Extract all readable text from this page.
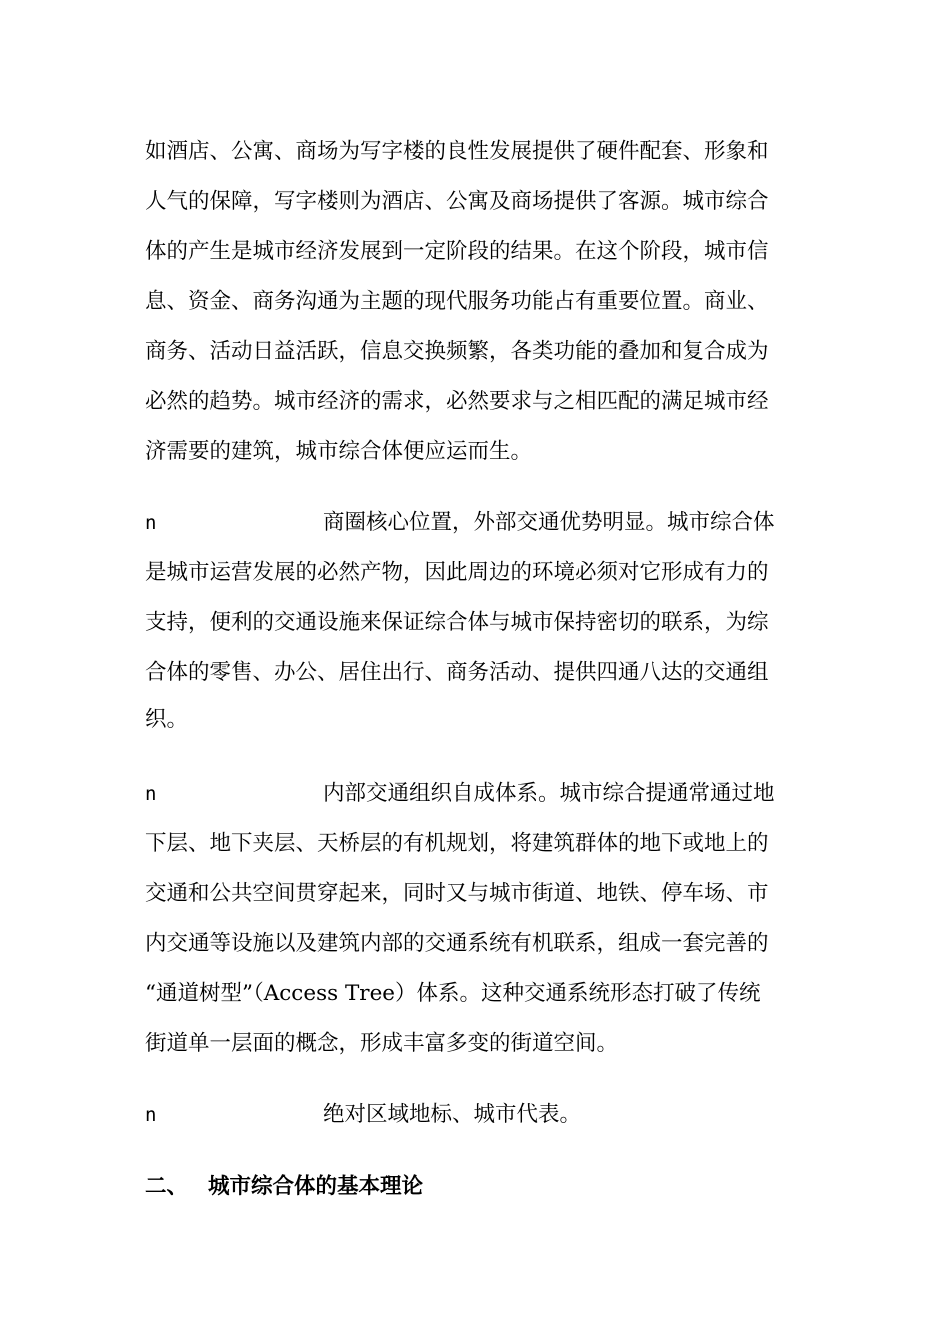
如酒店、公寓、商场为写字楼的良性发展提供了硬件配套、形象和

人气的保障，写字楼则为酒店、公寓及商场提供了客源。城市综合

体的产生是城市经济发展到一定阶段的结果。在这个阶段，城市信

息、资金、商务沟通为主题的现代服务功能占有重要位置。商业、

商务、活动日益活跃，信息交换频繁，各类功能的叠加和复合成为

必然的趋势。城市经济的需求，必然要求与之相匹配的满足城市经

济需要的建筑，城市综合体便应运而生。

n	商圈核心位置，外部交通优势明显。城市综合体

是城市运营发展的必然产物，因此周边的环境必须对它形成有力的

支持，便利的交通设施来保证综合体与城市保持密切的联系，为综

合体的零售、办公、居住出行、商务活动、提供四通八达的交通组

织。

n	内部交通组织自成体系。城市综合提通常通过地

下层、地下夹层、天桥层的有机规划，将建筑群体的地下或地上的

交通和公共空间贯穿起来，同时又与城市街道、地铁、停车场、市

内交通等设施以及建筑内部的交通系统有机联系，组成一套完善的

“通道树型”（Access Tree）体系。这种交通系统形态打破了传统

街道单一层面的概念，形成丰富多变的街道空间。

n	绝对区域地标、城市代表。
二、 城市综合体的基本理论
